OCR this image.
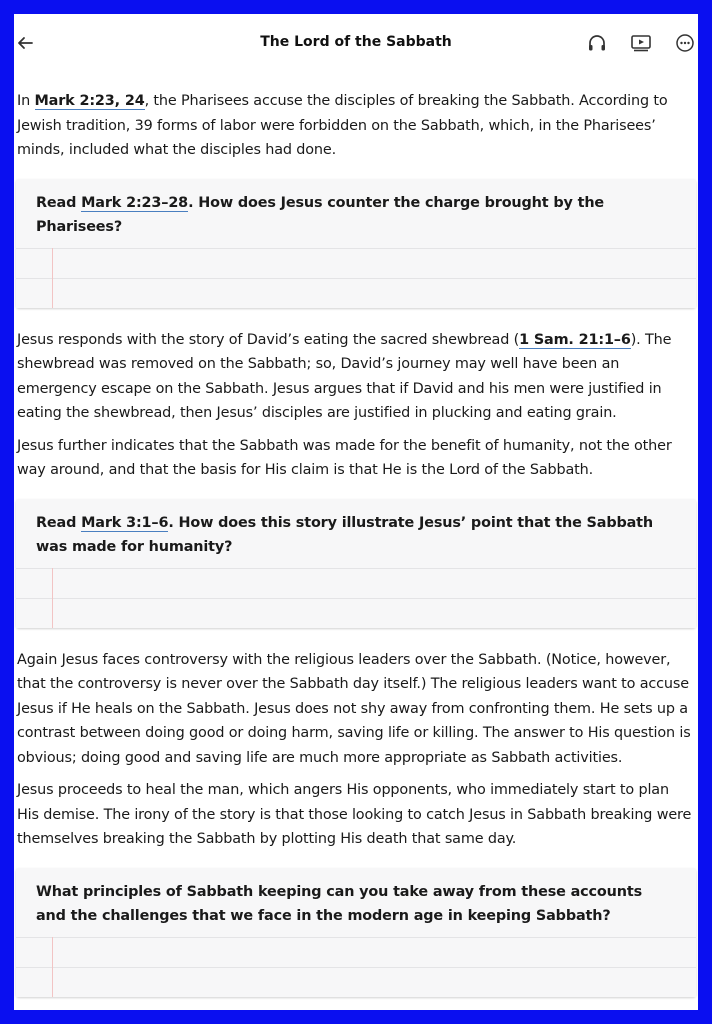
The Lord of the Sabbath

In Mark 2:23, 24, the Pharisees accuse the disciples of breaking the Sabbath. According to Jewish tradition, 39 forms of labor were forbidden on the Sabbath, which, in the Pharisees’ minds, included what the disciples had done.

Read Mark 2:23–28. How does Jesus counter the charge brought by the Pharisees?

Jesus responds with the story of David’s eating the sacred shewbread (1 Sam. 21:1–6). The shewbread was removed on the Sabbath; so, David’s journey may well have been an emergency escape on the Sabbath. Jesus argues that if David and his men were justified in eating the shewbread, then Jesus’ disciples are justified in plucking and eating grain.

Jesus further indicates that the Sabbath was made for the benefit of humanity, not the other way around, and that the basis for His claim is that He is the Lord of the Sabbath.

Read Mark 3:1–6. How does this story illustrate Jesus’ point that the Sabbath was made for humanity?

Again Jesus faces controversy with the religious leaders over the Sabbath. (Notice, however, that the controversy is never over the Sabbath day itself.) The religious leaders want to accuse Jesus if He heals on the Sabbath. Jesus does not shy away from confronting them. He sets up a contrast between doing good or doing harm, saving life or killing. The answer to His question is obvious; doing good and saving life are much more appropriate as Sabbath activities.

Jesus proceeds to heal the man, which angers His opponents, who immediately start to plan His demise. The irony of the story is that those looking to catch Jesus in Sabbath breaking were themselves breaking the Sabbath by plotting His death that same day.

What principles of Sabbath keeping can you take away from these accounts and the challenges that we face in the modern age in keeping Sabbath?
